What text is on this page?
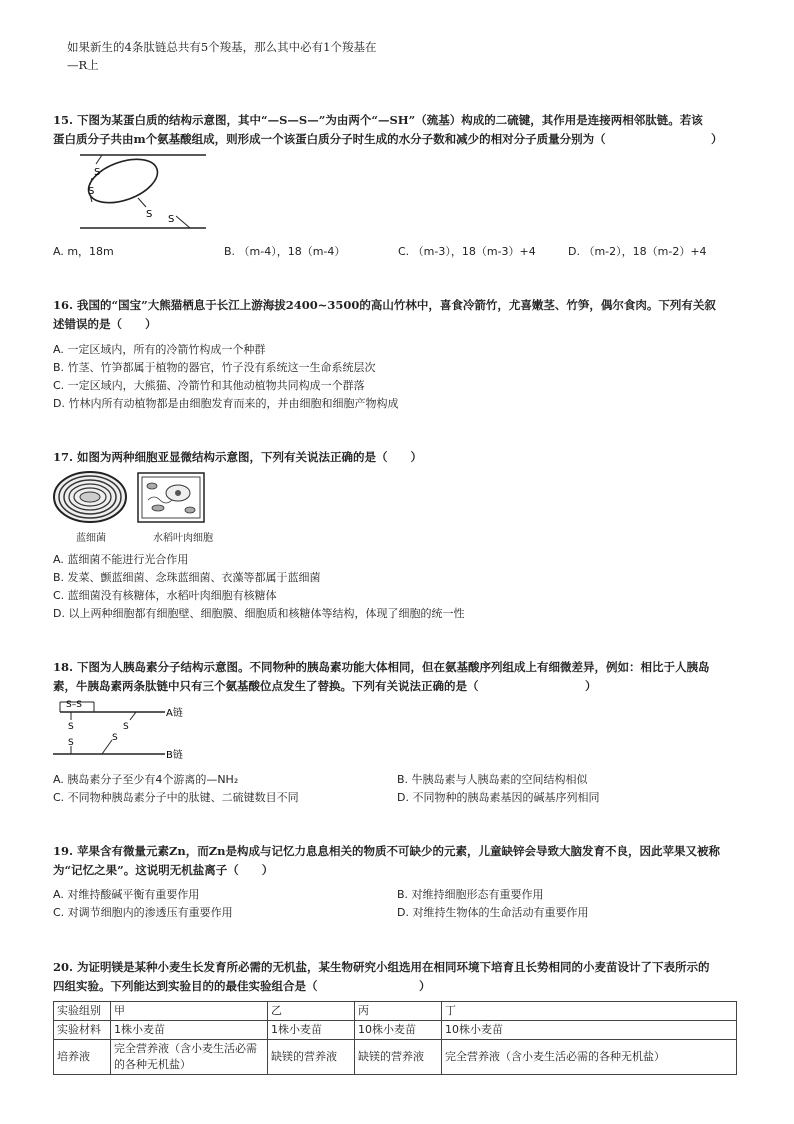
如果新生的4条肽链总共有5个羧基，那么其中必有1个羧基在
—R上
15. 下图为某蛋白质的结构示意图，其中“—S—S—”为由两个“—SH”（巯基）构成的二硫键，其作用是连接两相邻肽链。若该
蛋白质分子共由m个氨基酸组成，则形成一个该蛋白质分子时生成的水分子数和减少的相对分子质量分别为（	）
S
S
S S
A. m，18m	B. （m-4），18（m-4）	C. （m-3），18（m-3）+4	D. （m-2），18（m-2）+4
16. 我国的“国宝”大熊猫栖息于长江上游海拔2400~3500的高山竹林中，喜食冷箭竹，尤喜嫩茎、竹笋，偶尔食肉。下列有关叙
述错误的是（　　）
A. 一定区域内，所有的冷箭竹构成一个种群
B. 竹茎、竹笋都属于植物的器官，竹子没有系统这一生命系统层次
C. 一定区域内，大熊猫、冷箭竹和其他动植物共同构成一个群落
D. 竹林内所有动植物都是由细胞发育而来的，并由细胞和细胞产物构成
17. 如图为两种细胞亚显微结构示意图，下列有关说法正确的是（　　）
蓝细菌	水稻叶肉细胞
A. 蓝细菌不能进行光合作用
B. 发菜、颤蓝细菌、念珠蓝细菌、衣藻等都属于蓝细菌
C. 蓝细菌没有核糖体，水稻叶肉细胞有核糖体
D. 以上两种细胞都有细胞壁、细胞膜、细胞质和核糖体等结构，体现了细胞的统一性
18. 下图为人胰岛素分子结构示意图。不同物种的胰岛素功能大体相同，但在氨基酸序列组成上有细微差异，例如：相比于人胰岛
素，牛胰岛素两条肽链中只有三个氨基酸位点发生了替换。下列有关说法正确的是（	）
S–S
S
S
S
S
A链
B链
A. 胰岛素分子至少有4个游离的—NH₂	B. 牛胰岛素与人胰岛素的空间结构相似
C. 不同物种胰岛素分子中的肽键、二硫键数目不同	D. 不同物种的胰岛素基因的碱基序列相同
19. 苹果含有微量元素Zn，而Zn是构成与记忆力息息相关的物质不可缺少的元素，儿童缺锌会导致大脑发育不良，因此苹果又被称
为“记忆之果”。这说明无机盐离子（　　）
A. 对维持酸碱平衡有重要作用	B. 对维持细胞形态有重要作用
C. 对调节细胞内的渗透压有重要作用	D. 对维持生物体的生命活动有重要作用
20. 为证明镁是某种小麦生长发育所必需的无机盐，某生物研究小组选用在相同环境下培育且长势相同的小麦苗设计了下表所示的
四组实验。下列能达到实验目的的最佳实验组合是（	）
实验组别	甲	乙	丙	丁
实验材料	1株小麦苗	1株小麦苗	10株小麦苗	10株小麦苗
培养液	完全营养液（含小麦生活必需的各种无机盐）	缺镁的营养液	缺镁的营养液	完全营养液（含小麦生活必需的各种无机盐）
